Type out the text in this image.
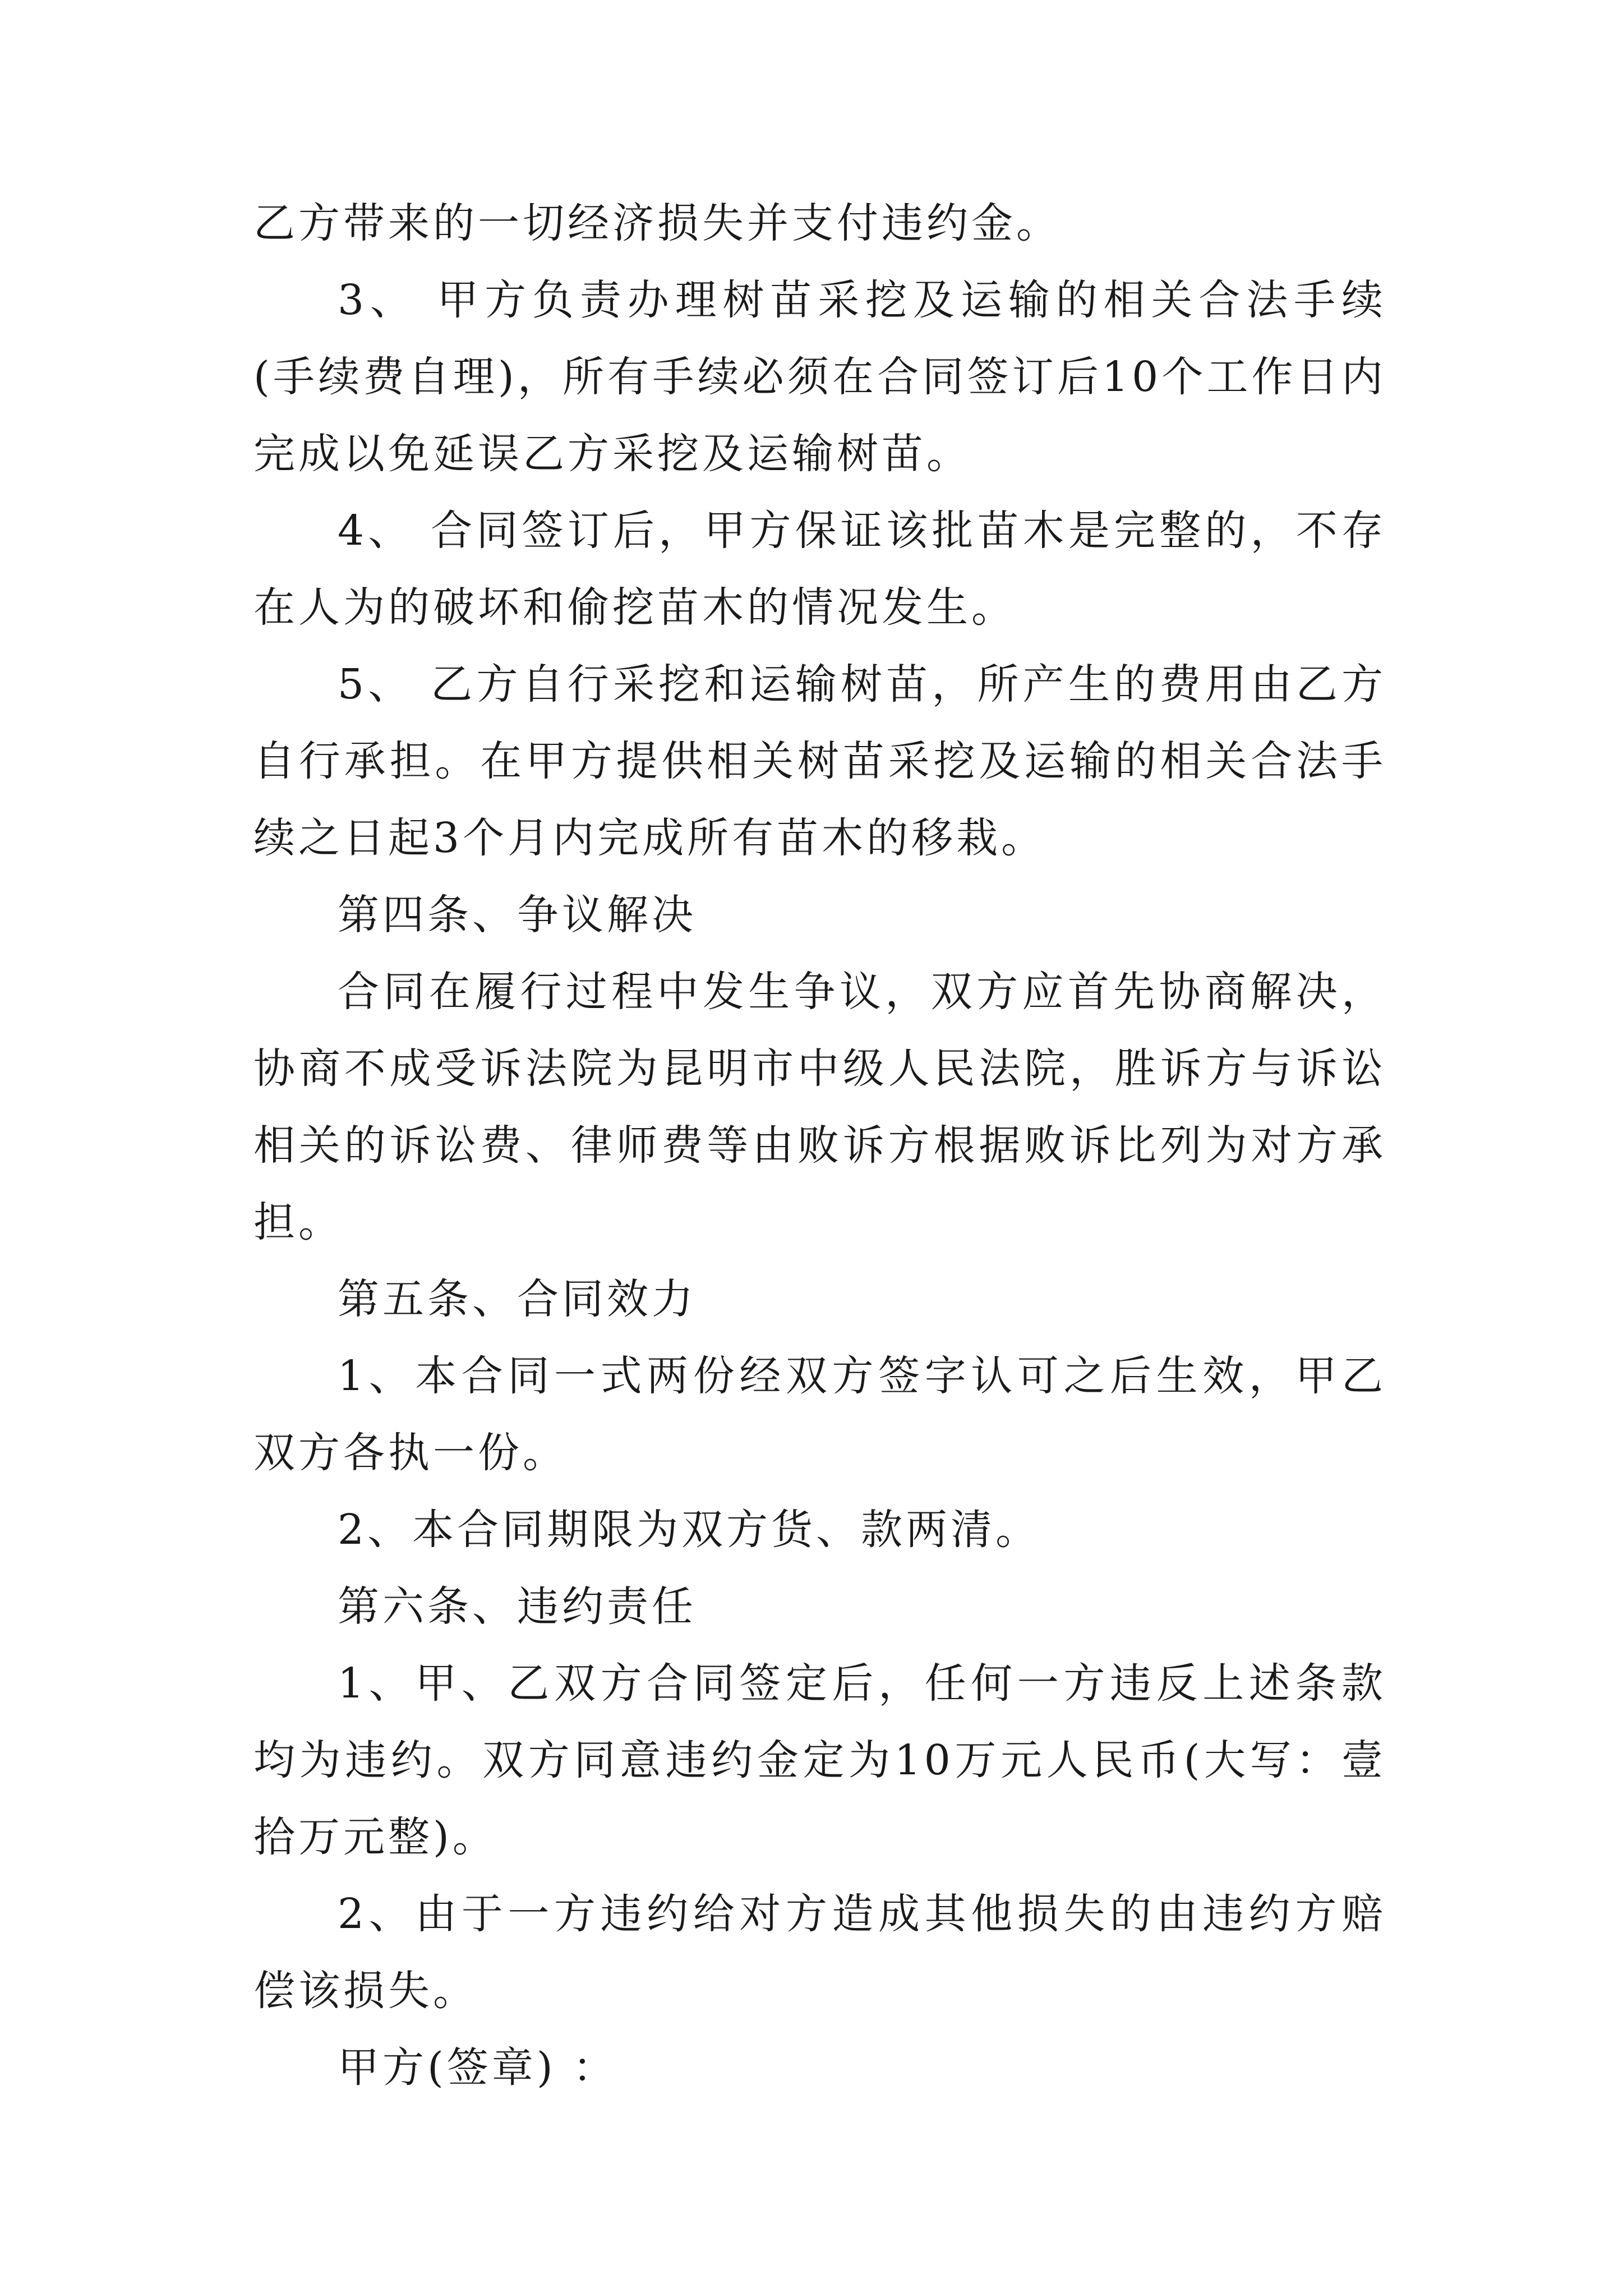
乙方带来的一切经济损失并支付违约金。

3、 甲方负责办理树苗采挖及运输的相关合法手续(手续费自理)，所有手续必须在合同签订后10个工作日内完成以免延误乙方采挖及运输树苗。

4、 合同签订后，甲方保证该批苗木是完整的，不存在人为的破坏和偷挖苗木的情况发生。

5、 乙方自行采挖和运输树苗，所产生的费用由乙方自行承担。在甲方提供相关树苗采挖及运输的相关合法手续之日起3个月内完成所有苗木的移栽。

第四条、争议解决

合同在履行过程中发生争议，双方应首先协商解决，协商不成受诉法院为昆明市中级人民法院，胜诉方与诉讼相关的诉讼费、律师费等由败诉方根据败诉比列为对方承担。

第五条、合同效力

1、本合同一式两份经双方签字认可之后生效，甲乙双方各执一份。

2、本合同期限为双方货、款两清。

第六条、违约责任

1、甲、乙双方合同签定后，任何一方违反上述条款均为违约。双方同意违约金定为10万元人民币(大写：壹拾万元整)。

2、由于一方违约给对方造成其他损失的由违约方赔偿该损失。

甲方(签章) ：
